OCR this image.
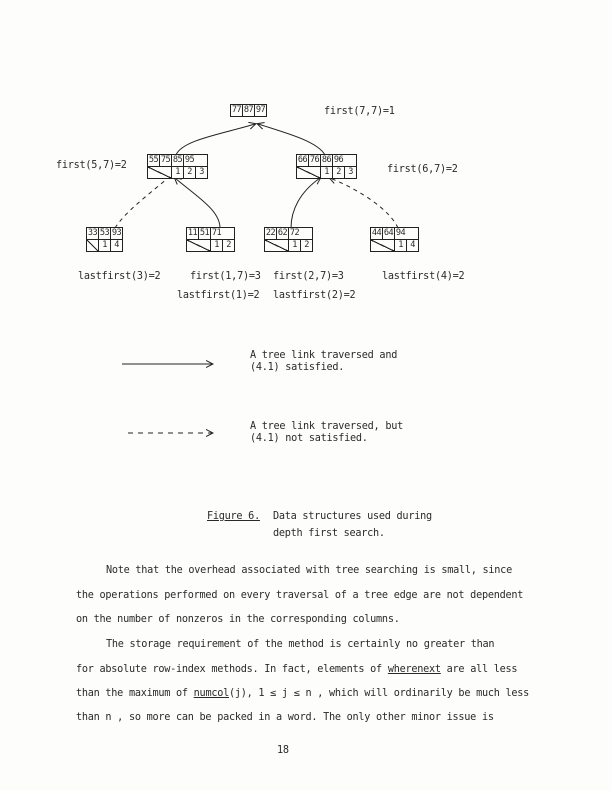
77 87 97	first(7,7)=1
55 75 85 95
1 2 3
first(5,7)=2	66 76 86 96
1 2 3	first(6,7)=2
33 53 93
1 4
lastfirst(3)=2
11 51 71
1 2
first(1,7)=3
lastfirst(1)=2
22 62 72
1 2
first(2,7)=3
lastfirst(2)=2
44 64 94
1 4
lastfirst(4)=2
A tree link traversed and
(4.1) satisfied.
A tree link traversed, but
(4.1) not satisfied.
Figure 6. Data structures used during
depth first search.
Note that the overhead associated with tree searching is small, since
the operations performed on every traversal of a tree edge are not dependent
on the number of nonzeros in the corresponding columns.
The storage requirement of the method is certainly no greater than
for absolute row-index methods. In fact, elements of wherenext are all less
than the maximum of numcol(j), 1 ≤ j ≤ n , which will ordinarily be much less
than n , so more can be packed in a word. The only other minor issue is
18
